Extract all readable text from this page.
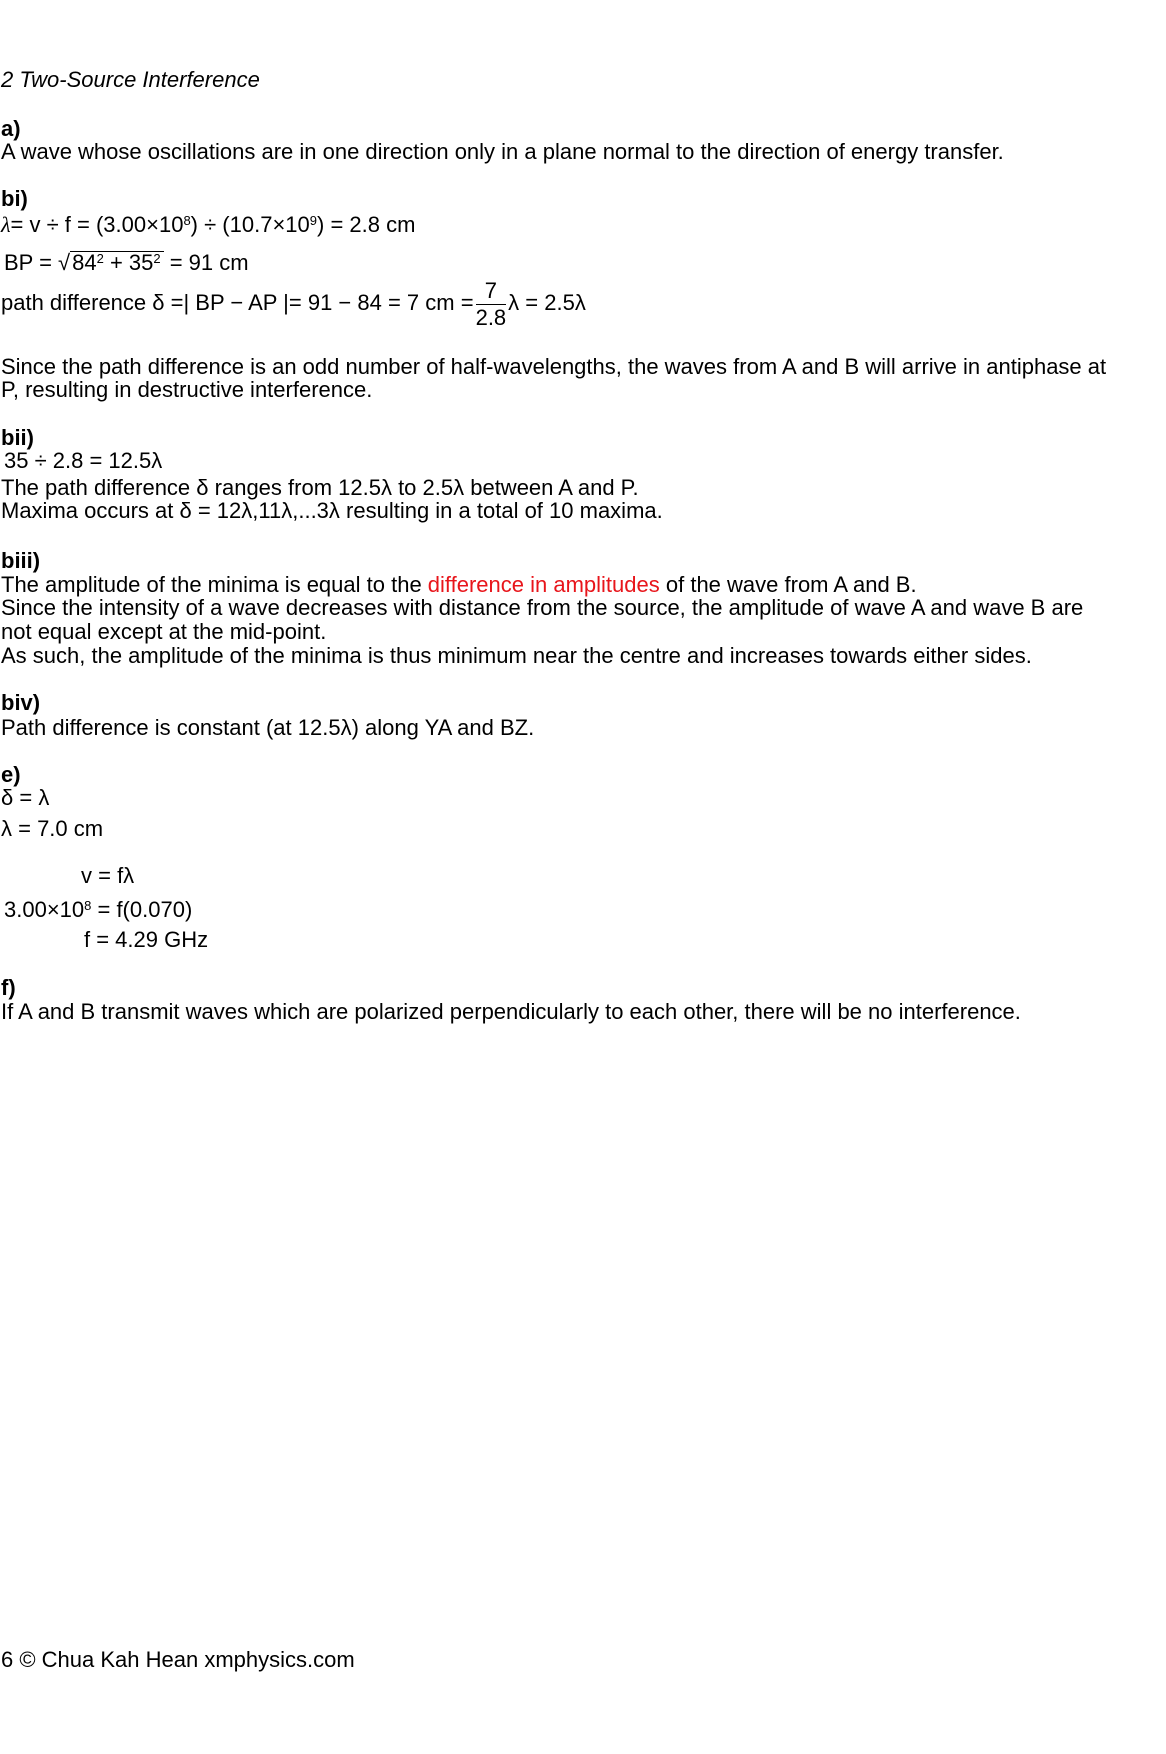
2 Two-Source Interference
a)
A wave whose oscillations are in one direction only in a plane normal to the direction of energy transfer.
bi)
$\lambda= v \div f = (3.00\times 10^8) \div (10.7\times 10^9) = 2.8$ cm
BP = $√84^2 + 35^2 = 91$ cm
path difference δ =| BP − AP |= 91 − 84 = 7 cm = $\frac{7}{2.8}$ λ = 2.5λ
Since the path difference is an odd number of half-wavelengths, the waves from A and B will arrive in antiphase at
P, resulting in destructive interference.
bii)
35 ÷ 2.8 = 12.5λ
The path difference δ ranges from 12.5λ to 2.5λ between A and P.
Maxima occurs at δ = 12λ,11λ,...3λ resulting in a total of 10 maxima.
biii)
The amplitude of the minima is equal to the difference in amplitudes of the wave from A and B.
Since the intensity of a wave decreases with distance from the source, the amplitude of wave A and wave B are
not equal except at the mid-point.
As such, the amplitude of the minima is thus minimum near the centre and increases towards either sides.
biv)
Path difference is constant (at 12.5λ) along YA and BZ.
e)
δ = λ
λ = 7.0 cm
v = fλ
$3.00\times 10^8 = f(0.070)$
f = 4.29 GHz
f)
If A and B transmit waves which are polarized perpendicularly to each other, there will be no interference.
6 © Chua Kah Hean xmphysics.com
